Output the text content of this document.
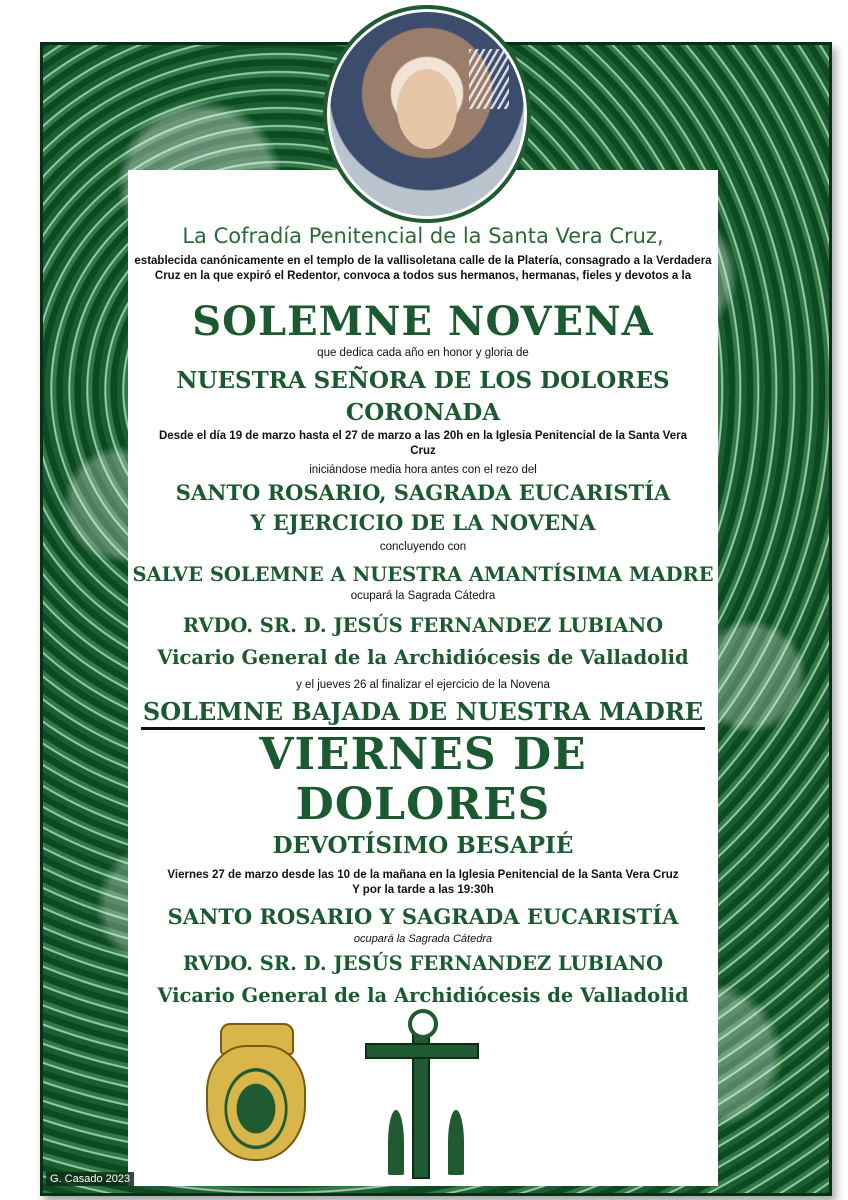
La Cofradía Penitencial de la Santa Vera Cruz,

establecida canónicamente en el templo de la vallisoletana calle de la Platería, consagrado a la Verdadera Cruz en la que expiró el Redentor, convoca a todos sus hermanos, hermanas, fieles y devotos a la

SOLEMNE NOVENA

que dedica cada año en honor y gloria de

NUESTRA SEÑORA DE LOS DOLORES

CORONADA

Desde el día 19 de marzo hasta el 27 de marzo a las 20h en la Iglesia Penitencial de la Santa Vera Cruz

iniciándose media hora antes con el rezo del

SANTO ROSARIO, SAGRADA EUCARISTÍA

Y EJERCICIO DE LA NOVENA

concluyendo con

SALVE SOLEMNE A NUESTRA AMANTÍSIMA MADRE

ocupará la Sagrada Cátedra

RVDO. SR. D. JESÚS FERNANDEZ LUBIANO

Vicario General de la Archidiócesis de Valladolid

y el jueves 26 al finalizar el ejercicio de la Novena

SOLEMNE BAJADA DE NUESTRA MADRE

VIERNES DE DOLORES

DEVOTÍSIMO BESAPIÉ

Viernes 27 de marzo desde las 10 de la mañana en la Iglesia Penitencial de la Santa Vera Cruz

Y por la tarde a las 19:30h

SANTO ROSARIO Y SAGRADA EUCARISTÍA

ocupará la Sagrada Cátedra

RVDO. SR. D. JESÚS FERNANDEZ LUBIANO

Vicario General de la Archidiócesis de Valladolid

G. Casado 2023
